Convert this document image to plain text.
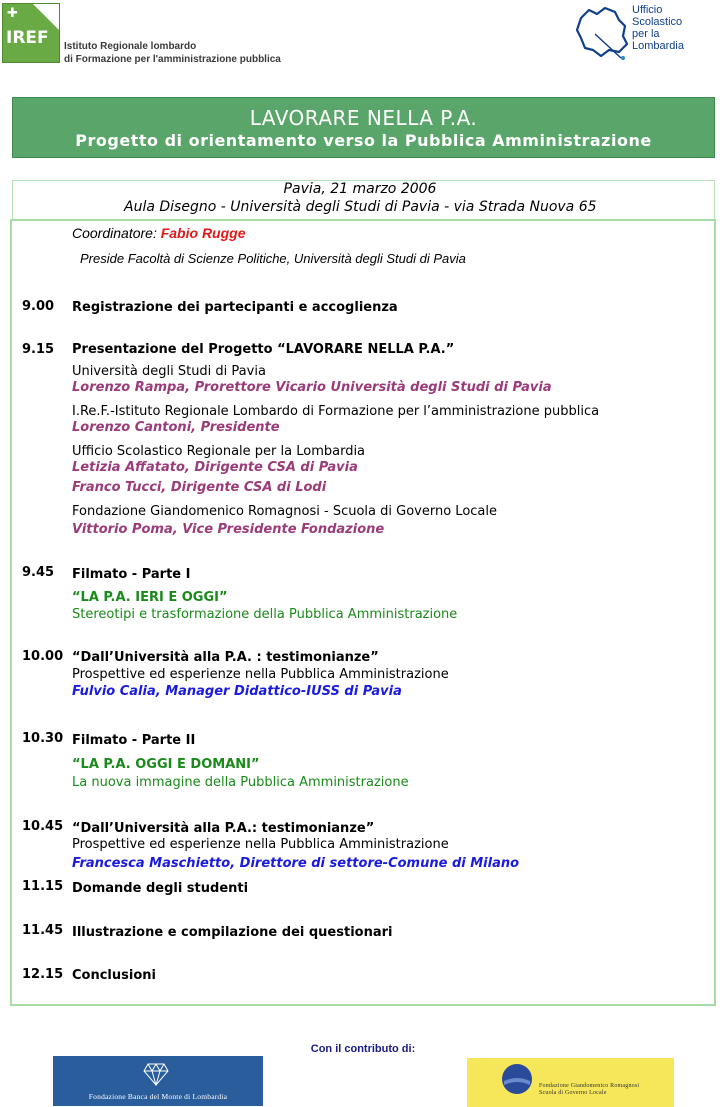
✚
IREF Istituto Regionale lombardo
di Formazione per l'amministrazione pubblica
Ufficio
Scolastico
per la
Lombardia
LAVORARE NELLA P.A.
Progetto di orientamento verso la Pubblica Amministrazione
Pavia, 21 marzo 2006
Aula Disegno - Università degli Studi di Pavia - via Strada Nuova 65
Coordinatore: Fabio Rugge
Preside Facoltà di Scienze Politiche, Università degli Studi di Pavia
9.00 Registrazione dei partecipanti e accoglienza
9.15 Presentazione del Progetto “LAVORARE NELLA P.A.”
Università degli Studi di Pavia
Lorenzo Rampa, Prorettore Vicario Università degli Studi di Pavia
I.Re.F.-Istituto Regionale Lombardo di Formazione per l’amministrazione pubblica
Lorenzo Cantoni, Presidente
Ufficio Scolastico Regionale per la Lombardia
Letizia Affatato, Dirigente CSA di Pavia
Franco Tucci, Dirigente CSA di Lodi
Fondazione Giandomenico Romagnosi - Scuola di Governo Locale
Vittorio Poma, Vice Presidente Fondazione
9.45 Filmato - Parte I
“LA P.A. IERI E OGGI”
Stereotipi e trasformazione della Pubblica Amministrazione
10.00 “Dall’Università alla P.A. : testimonianze”
Prospettive ed esperienze nella Pubblica Amministrazione
Fulvio Calia, Manager Didattico-IUSS di Pavia
10.30 Filmato - Parte II
“LA P.A. OGGI E DOMANI”
La nuova immagine della Pubblica Amministrazione
10.45 “Dall’Università alla P.A.: testimonianze”
Prospettive ed esperienze nella Pubblica Amministrazione
Francesca Maschietto, Direttore di settore-Comune di Milano
11.15 Domande degli studenti
11.45 Illustrazione e compilazione dei questionari
12.15 Conclusioni
Con il contributo di:
Fondazione Banca del Monte di Lombardia
Fondazione Giandomenico Romagnosi
Scuola di Governo Locale
